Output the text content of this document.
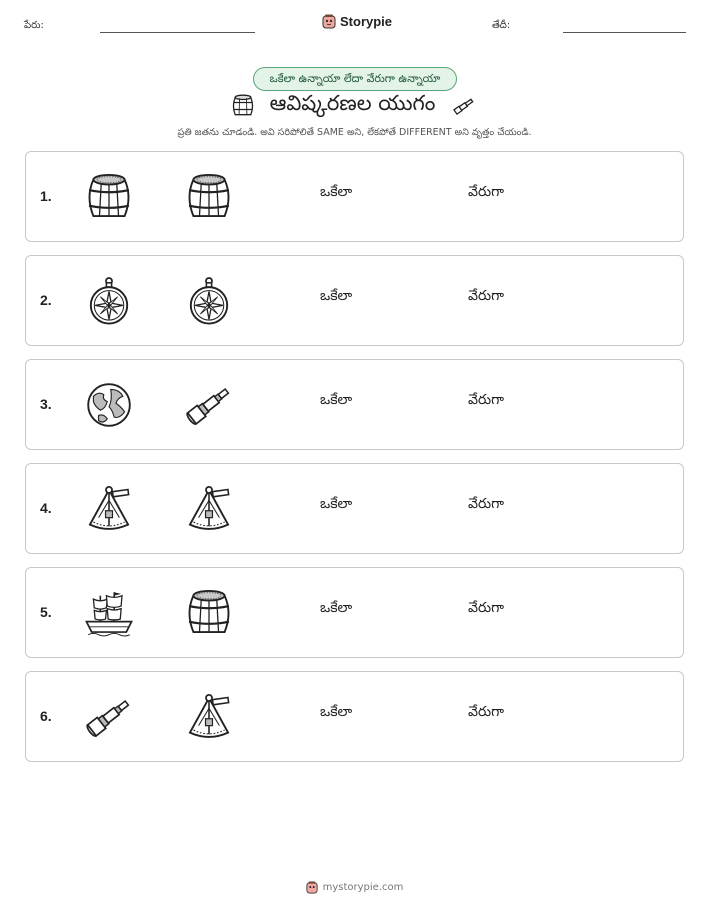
పేరు:	Storypie	తేదీ:
ఒకేలా ఉన్నాయా లేదా వేరుగా ఉన్నాయా
ఆవిష్కరణల యుగం
ప్రతి జతను చూడండి. అవి సరిపోలితే SAME అని, లేకపోతే DIFFERENT అని వృత్తం చేయండి.
1.	ఒకేలా	వేరుగా
2.	ఒకేలా	వేరుగా
3.	ఒకేలా	వేరుగా
4.	ఒకేలా	వేరుగా
5.	ఒకేలా	వేరుగా
6.	ఒకేలా	వేరుగా
mystorypie.com
